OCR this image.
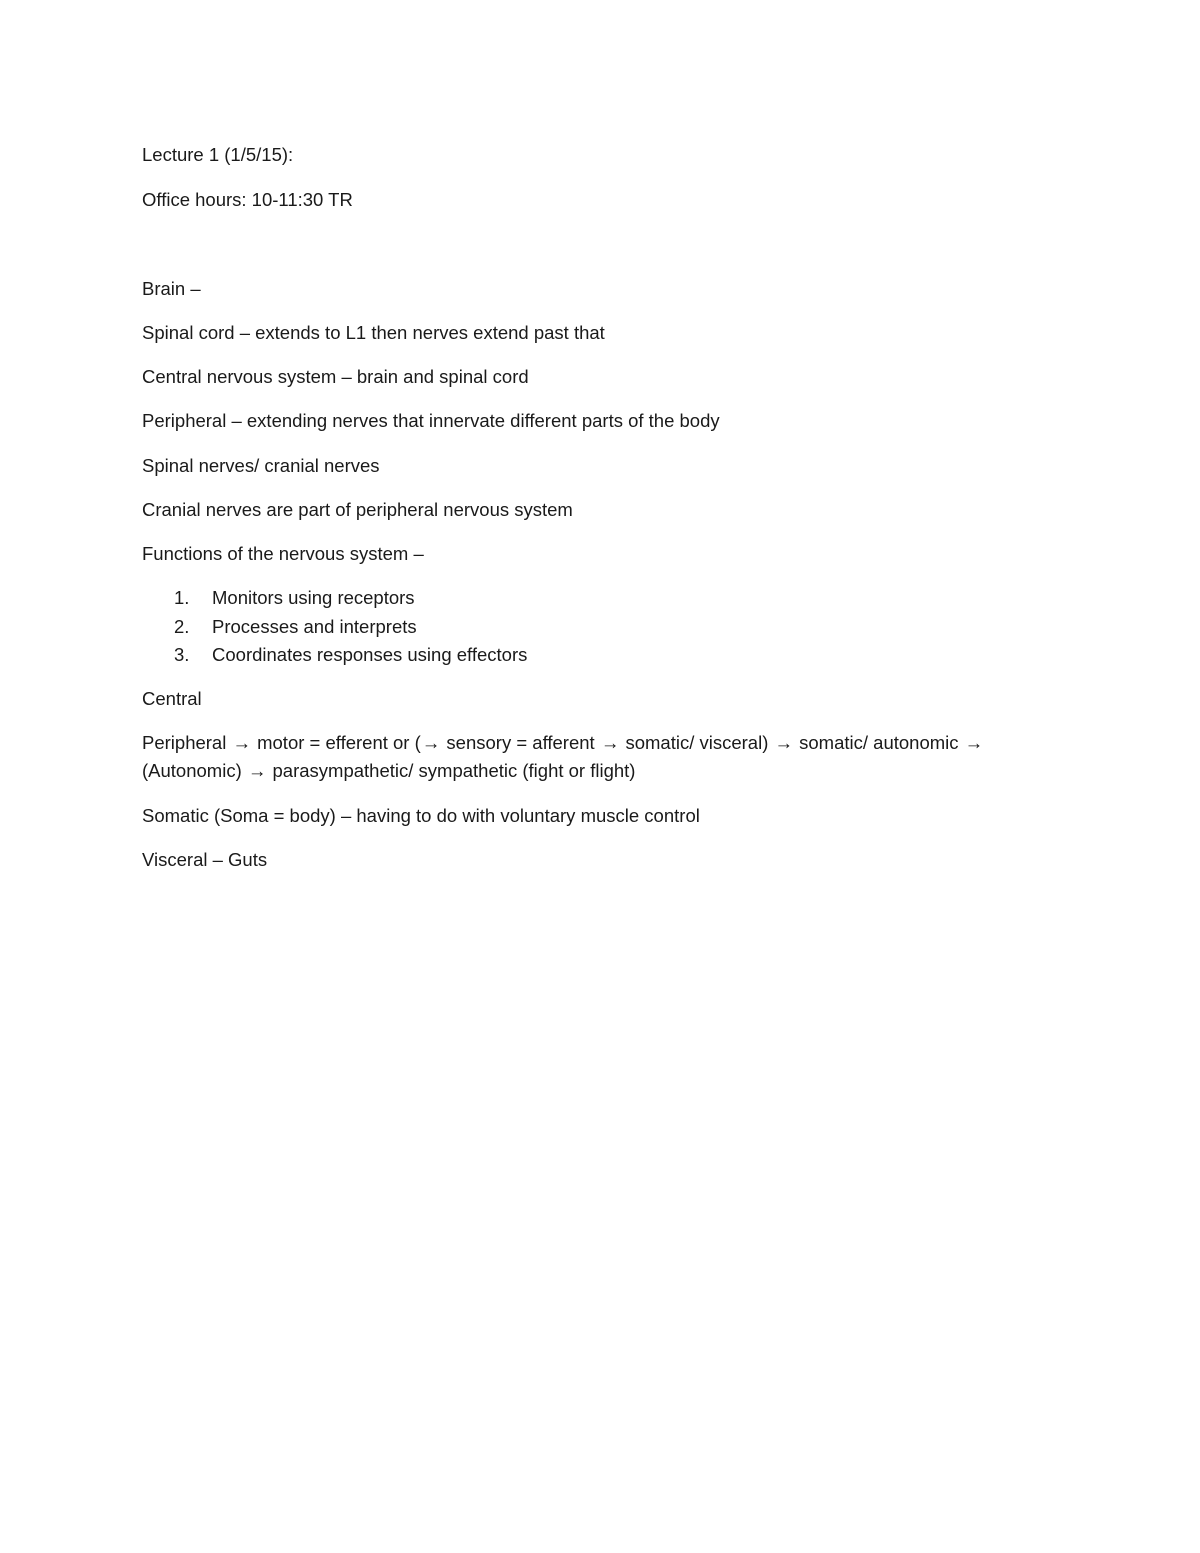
Lecture 1 (1/5/15):
Office hours: 10-11:30 TR
Brain –
Spinal cord – extends to L1 then nerves extend past that
Central nervous system – brain and spinal cord
Peripheral – extending nerves that innervate different parts of the body
Spinal nerves/ cranial nerves
Cranial nerves are part of peripheral nervous system
Functions of the nervous system –
1. Monitors using receptors
2. Processes and interprets
3. Coordinates responses using effectors
Central
Peripheral → motor = efferent or (→ sensory = afferent → somatic/ visceral) → somatic/ autonomic →
(Autonomic) → parasympathetic/ sympathetic (fight or flight)
Somatic (Soma = body) – having to do with voluntary muscle control
Visceral – Guts
